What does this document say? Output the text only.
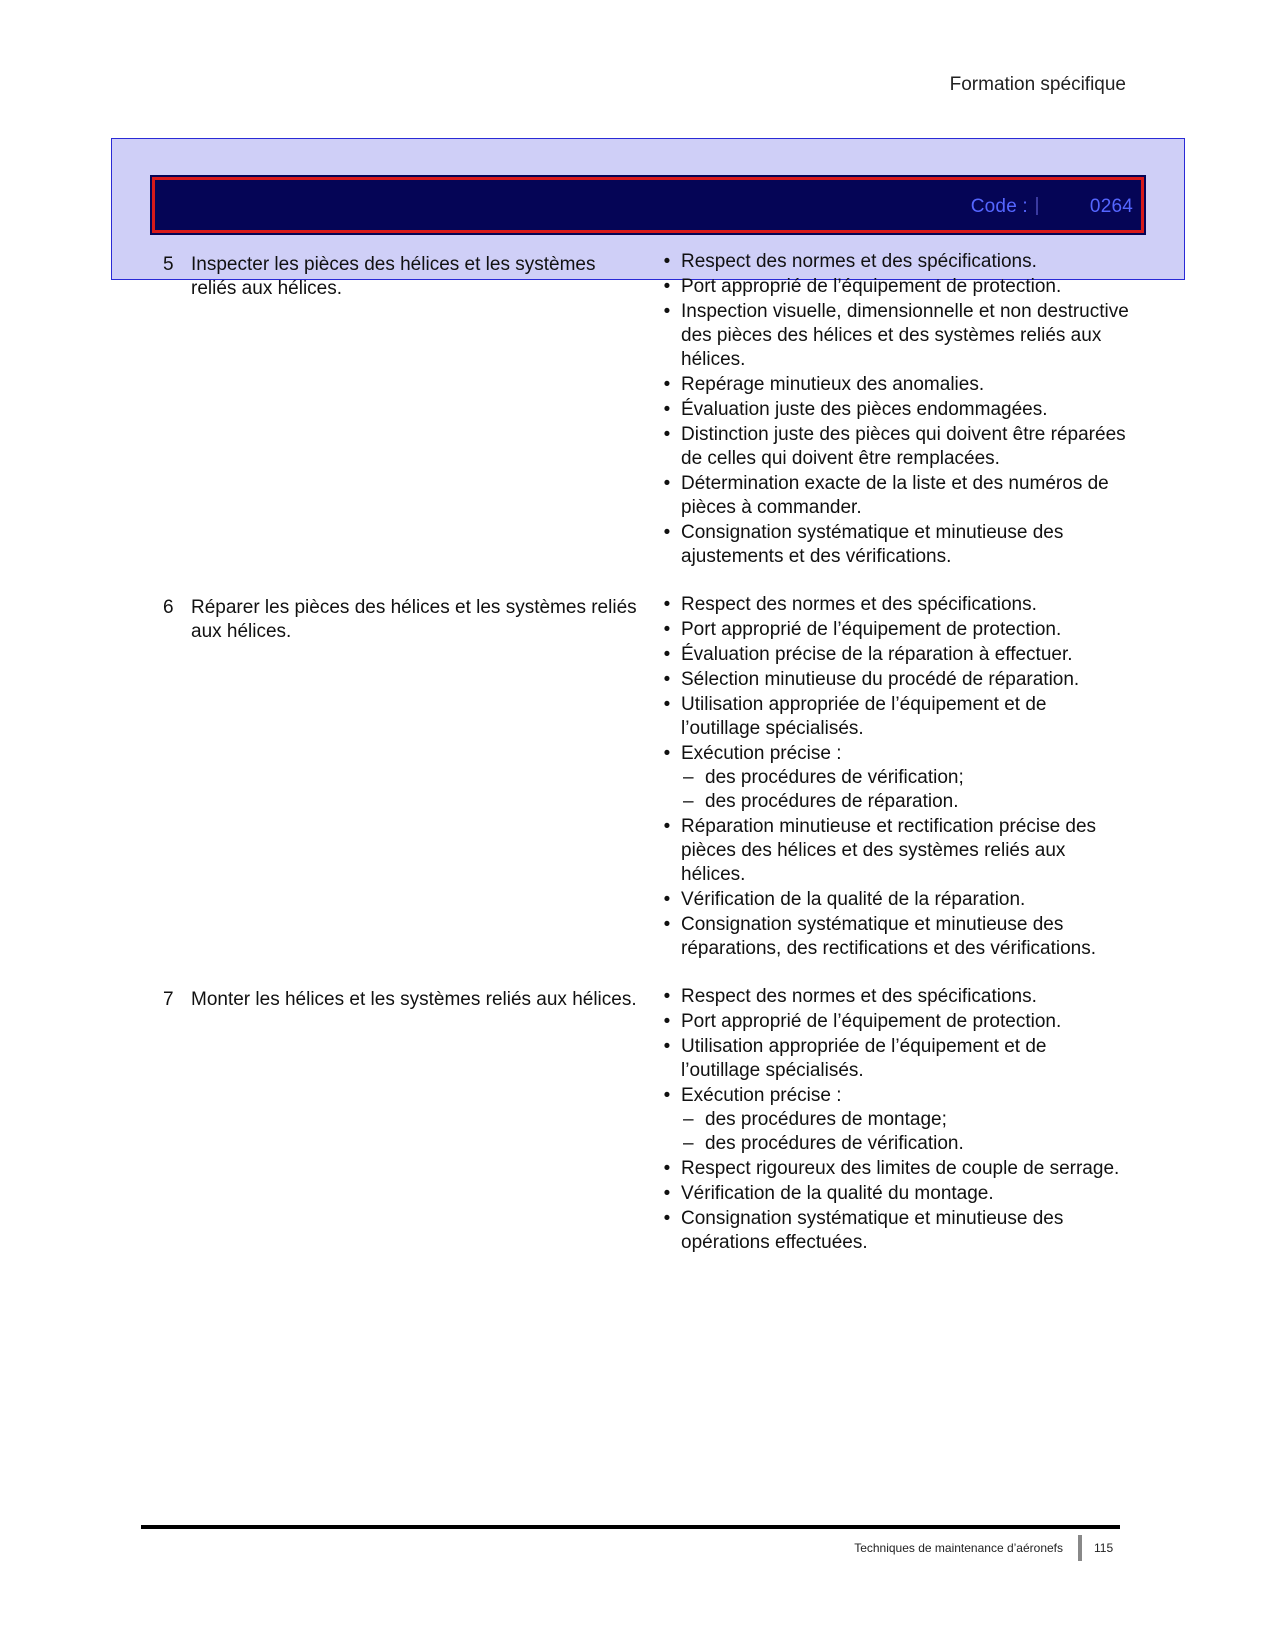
Formation spécifique
Code :	0264
5 Inspecter les pièces des hélices et les systèmes reliés aux hélices.
• Respect des normes et des spécifications.
• Port approprié de l’équipement de protection.
• Inspection visuelle, dimensionnelle et non destructive des pièces des hélices et des systèmes reliés aux hélices.
• Repérage minutieux des anomalies.
• Évaluation juste des pièces endommagées.
• Distinction juste des pièces qui doivent être réparées de celles qui doivent être remplacées.
• Détermination exacte de la liste et des numéros de pièces à commander.
• Consignation systématique et minutieuse des ajustements et des vérifications.
6 Réparer les pièces des hélices et les systèmes reliés aux hélices.
• Respect des normes et des spécifications.
• Port approprié de l’équipement de protection.
• Évaluation précise de la réparation à effectuer.
• Sélection minutieuse du procédé de réparation.
• Utilisation appropriée de l’équipement et de l’outillage spécialisés.
• Exécution précise :
– des procédures de vérification;
– des procédures de réparation.
• Réparation minutieuse et rectification précise des pièces des hélices et des systèmes reliés aux hélices.
• Vérification de la qualité de la réparation.
• Consignation systématique et minutieuse des réparations, des rectifications et des vérifications.
7 Monter les hélices et les systèmes reliés aux hélices. • Respect des normes et des spécifications.
• Port approprié de l’équipement de protection.
• Utilisation appropriée de l’équipement et de l’outillage spécialisés.
• Exécution précise :
– des procédures de montage;
– des procédures de vérification.
• Respect rigoureux des limites de couple de serrage.
• Vérification de la qualité du montage.
• Consignation systématique et minutieuse des opérations effectuées.
Techniques de maintenance d’aéronefs	115
